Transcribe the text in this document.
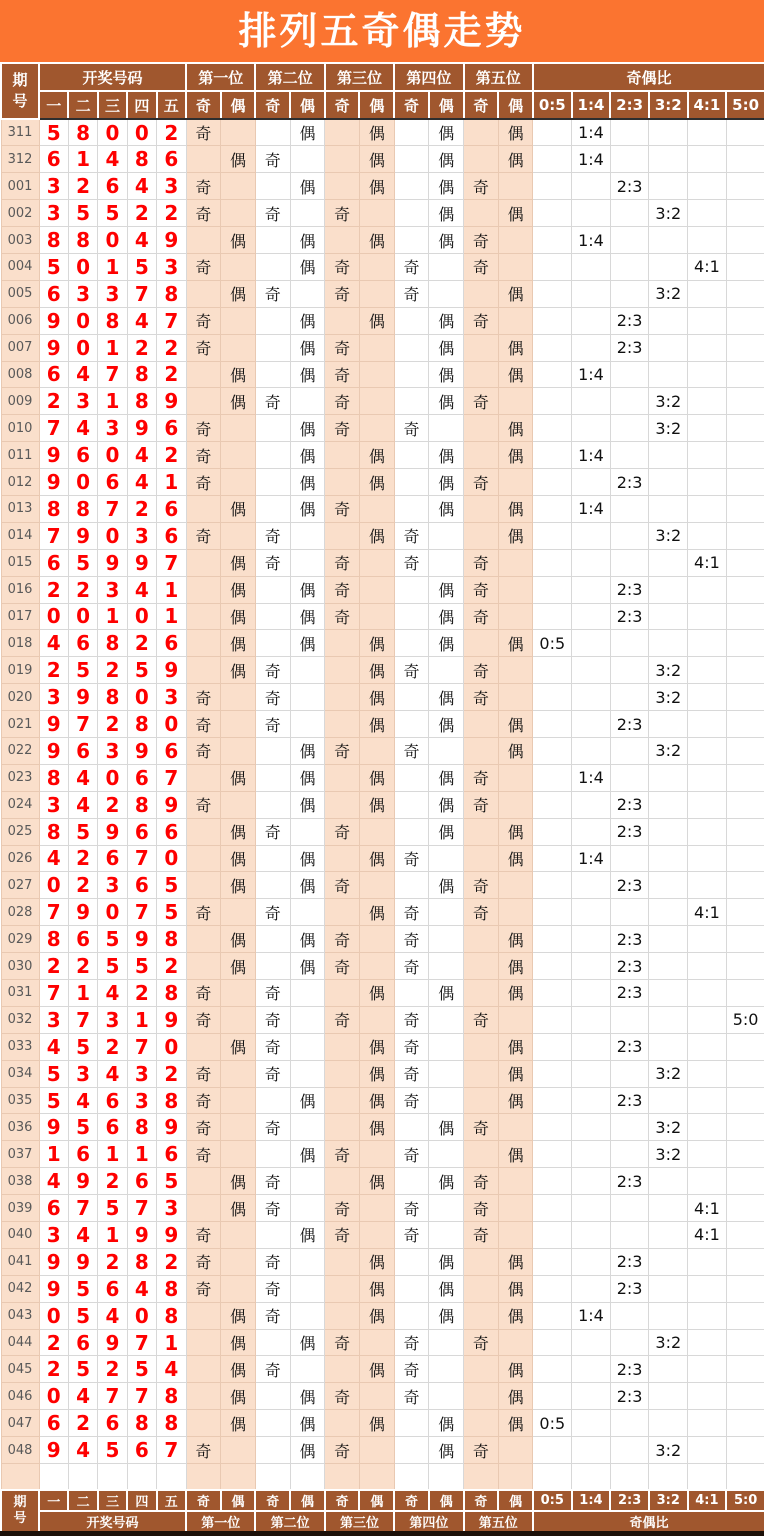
排列五奇偶走势
期
号	开奖号码					第一位		第二位		第三位		第四位		第五位		奇偶比					
	一	二	三	四	五	奇	偶	奇	偶	奇	偶	奇	偶	奇	偶	0:5	1:4	2:3	3:2	4:1	5:0
311	5	8	0	0	2	奇			偶		偶		偶		偶		1:4				
312	6	1	4	8	6		偶	奇			偶		偶		偶		1:4				
001	3	2	6	4	3	奇			偶		偶		偶	奇				2:3			
002	3	5	5	2	2	奇		奇		奇			偶		偶				3:2		
003	8	8	0	4	9		偶		偶		偶		偶	奇			1:4				
004	5	0	1	5	3	奇			偶	奇		奇		奇						4:1	
005	6	3	3	7	8		偶	奇		奇		奇			偶				3:2		
006	9	0	8	4	7	奇			偶		偶		偶	奇				2:3			
007	9	0	1	2	2	奇			偶	奇			偶		偶			2:3			
008	6	4	7	8	2		偶		偶	奇			偶		偶		1:4				
009	2	3	1	8	9		偶	奇		奇			偶	奇					3:2		
010	7	4	3	9	6	奇			偶	奇		奇			偶				3:2		
011	9	6	0	4	2	奇			偶		偶		偶		偶		1:4				
012	9	0	6	4	1	奇			偶		偶		偶	奇				2:3			
013	8	8	7	2	6		偶		偶	奇			偶		偶		1:4				
014	7	9	0	3	6	奇		奇			偶	奇			偶				3:2		
015	6	5	9	9	7		偶	奇		奇		奇		奇						4:1	
016	2	2	3	4	1		偶		偶	奇			偶	奇				2:3			
017	0	0	1	0	1		偶		偶	奇			偶	奇				2:3			
018	4	6	8	2	6		偶		偶		偶		偶		偶	0:5					
019	2	5	2	5	9		偶	奇			偶	奇		奇					3:2		
020	3	9	8	0	3	奇		奇			偶		偶	奇					3:2		
021	9	7	2	8	0	奇		奇			偶		偶		偶			2:3			
022	9	6	3	9	6	奇			偶	奇		奇			偶				3:2		
023	8	4	0	6	7		偶		偶		偶		偶	奇			1:4				
024	3	4	2	8	9	奇			偶		偶		偶	奇				2:3			
025	8	5	9	6	6		偶	奇		奇			偶		偶			2:3			
026	4	2	6	7	0		偶		偶		偶	奇			偶		1:4				
027	0	2	3	6	5		偶		偶	奇			偶	奇				2:3			
028	7	9	0	7	5	奇		奇			偶	奇		奇						4:1	
029	8	6	5	9	8		偶		偶	奇		奇			偶			2:3			
030	2	2	5	5	2		偶		偶	奇		奇			偶			2:3			
031	7	1	4	2	8	奇		奇			偶		偶		偶			2:3			
032	3	7	3	1	9	奇		奇		奇		奇		奇							5:0
033	4	5	2	7	0		偶	奇			偶	奇			偶			2:3			
034	5	3	4	3	2	奇		奇			偶	奇			偶				3:2		
035	5	4	6	3	8	奇			偶		偶	奇			偶			2:3			
036	9	5	6	8	9	奇		奇			偶		偶	奇					3:2		
037	1	6	1	1	6	奇			偶	奇		奇			偶				3:2		
038	4	9	2	6	5		偶	奇			偶		偶	奇				2:3			
039	6	7	5	7	3		偶	奇		奇		奇		奇						4:1	
040	3	4	1	9	9	奇			偶	奇		奇		奇						4:1	
041	9	9	2	8	2	奇		奇			偶		偶		偶			2:3			
042	9	5	6	4	8	奇		奇			偶		偶		偶			2:3			
043	0	5	4	0	8		偶	奇			偶		偶		偶		1:4				
044	2	6	9	7	1		偶		偶	奇		奇		奇					3:2		
045	2	5	2	5	4		偶	奇			偶	奇			偶			2:3			
046	0	4	7	7	8		偶		偶	奇		奇			偶			2:3			
047	6	2	6	8	8		偶		偶		偶		偶		偶	0:5					
048	9	4	5	6	7	奇			偶	奇			偶	奇					3:2		

期
号	一	二	三	四	五	奇	偶	奇	偶	奇	偶	奇	偶	奇	偶	0:5	1:4	2:3	3:2	4:1	5:0
	开奖号码					第一位		第二位		第三位		第四位		第五位		奇偶比					
